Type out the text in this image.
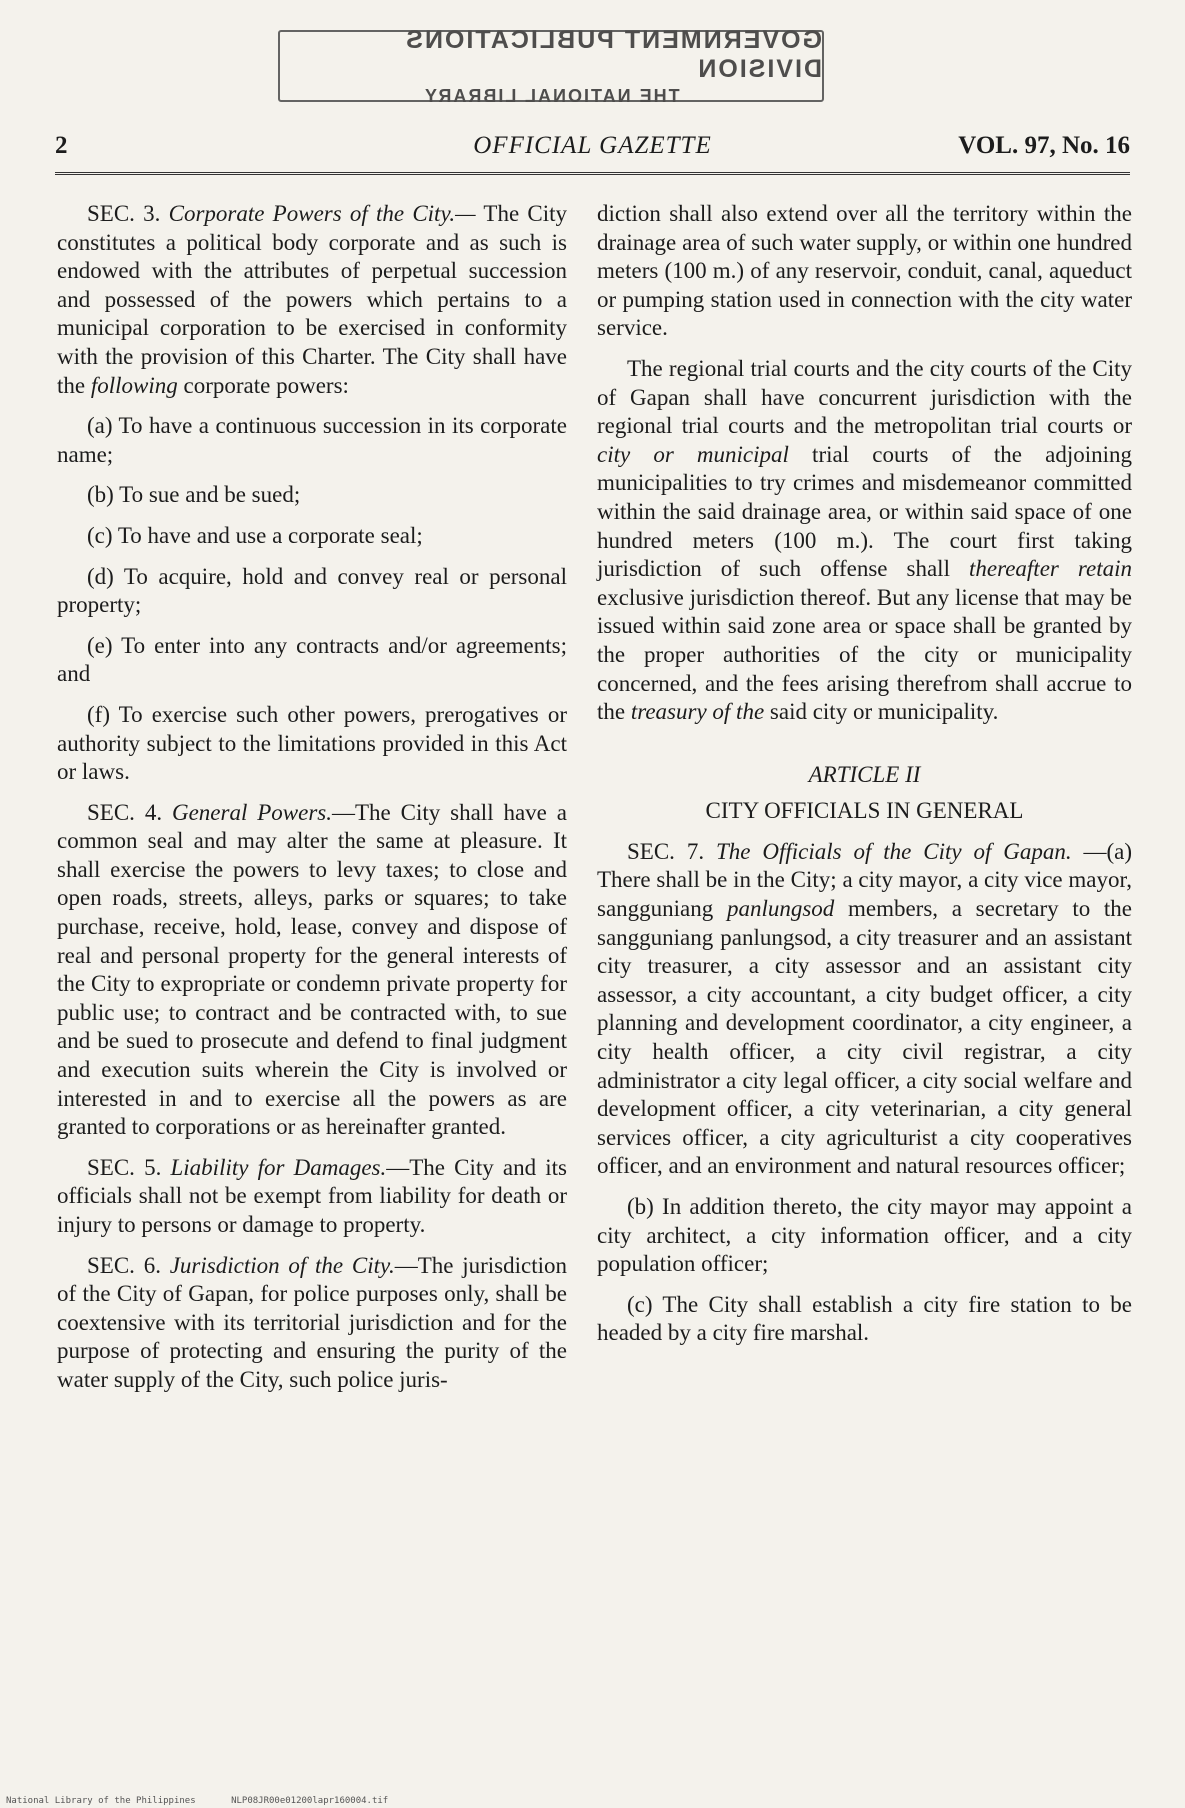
GOVERNMENT PUBLICATIONS DIVISION
THE NATIONAL LIBRARY
2	OFFICIAL GAZETTE	VOL. 97, No. 16

SEC. 3. Corporate Powers of the City.— The City constitutes a political body corporate and as such is endowed with the attributes of perpetual succession and possessed of the powers which pertains to a municipal corporation to be exercised in conformity with the provision of this Charter. The City shall have the following corporate powers:

(a) To have a continuous succession in its corporate name;

(b) To sue and be sued;

(c) To have and use a corporate seal;

(d) To acquire, hold and convey real or personal property;

(e) To enter into any contracts and/or agreements; and

(f) To exercise such other powers, prerogatives or authority subject to the limitations provided in this Act or laws.

SEC. 4. General Powers.—The City shall have a common seal and may alter the same at pleasure. It shall exercise the powers to levy taxes; to close and open roads, streets, alleys, parks or squares; to take purchase, receive, hold, lease, convey and dispose of real and personal property for the general interests of the City to expropriate or condemn private property for public use; to contract and be contracted with, to sue and be sued to prosecute and defend to final judgment and execution suits wherein the City is involved or interested in and to exercise all the powers as are granted to corporations or as hereinafter granted.

SEC. 5. Liability for Damages.—The City and its officials shall not be exempt from liability for death or injury to persons or damage to property.

SEC. 6. Jurisdiction of the City.—The jurisdiction of the City of Gapan, for police purposes only, shall be coextensive with its territorial jurisdiction and for the purpose of protecting and ensuring the purity of the water supply of the City, such police juris-

diction shall also extend over all the territory within the drainage area of such water supply, or within one hundred meters (100 m.) of any reservoir, conduit, canal, aqueduct or pumping station used in connection with the city water service.

The regional trial courts and the city courts of the City of Gapan shall have concurrent jurisdiction with the regional trial courts and the metropolitan trial courts or city or municipal trial courts of the adjoining municipalities to try crimes and misdemeanor committed within the said drainage area, or within said space of one hundred meters (100 m.). The court first taking jurisdiction of such offense shall thereafter retain exclusive jurisdiction thereof. But any license that may be issued within said zone area or space shall be granted by the proper authorities of the city or municipality concerned, and the fees arising therefrom shall accrue to the treasury of the said city or municipality.

ARTICLE II
CITY OFFICIALS IN GENERAL

SEC. 7. The Officials of the City of Gapan. —(a) There shall be in the City; a city mayor, a city vice mayor, sangguniang panlungsod members, a secretary to the sangguniang panlungsod, a city treasurer and an assistant city treasurer, a city assessor and an assistant city assessor, a city accountant, a city budget officer, a city planning and development coordinator, a city engineer, a city health officer, a city civil registrar, a city administrator a city legal officer, a city social welfare and development officer, a city veterinarian, a city general services officer, a city agriculturist a city cooperatives officer, and an environment and natural resources officer;

(b) In addition thereto, the city mayor may appoint a city architect, a city information officer, and a city population officer;

(c) The City shall establish a city fire station to be headed by a city fire marshal.

National Library of the Philippines	NLP08JR00e01200lapr160004.tif
